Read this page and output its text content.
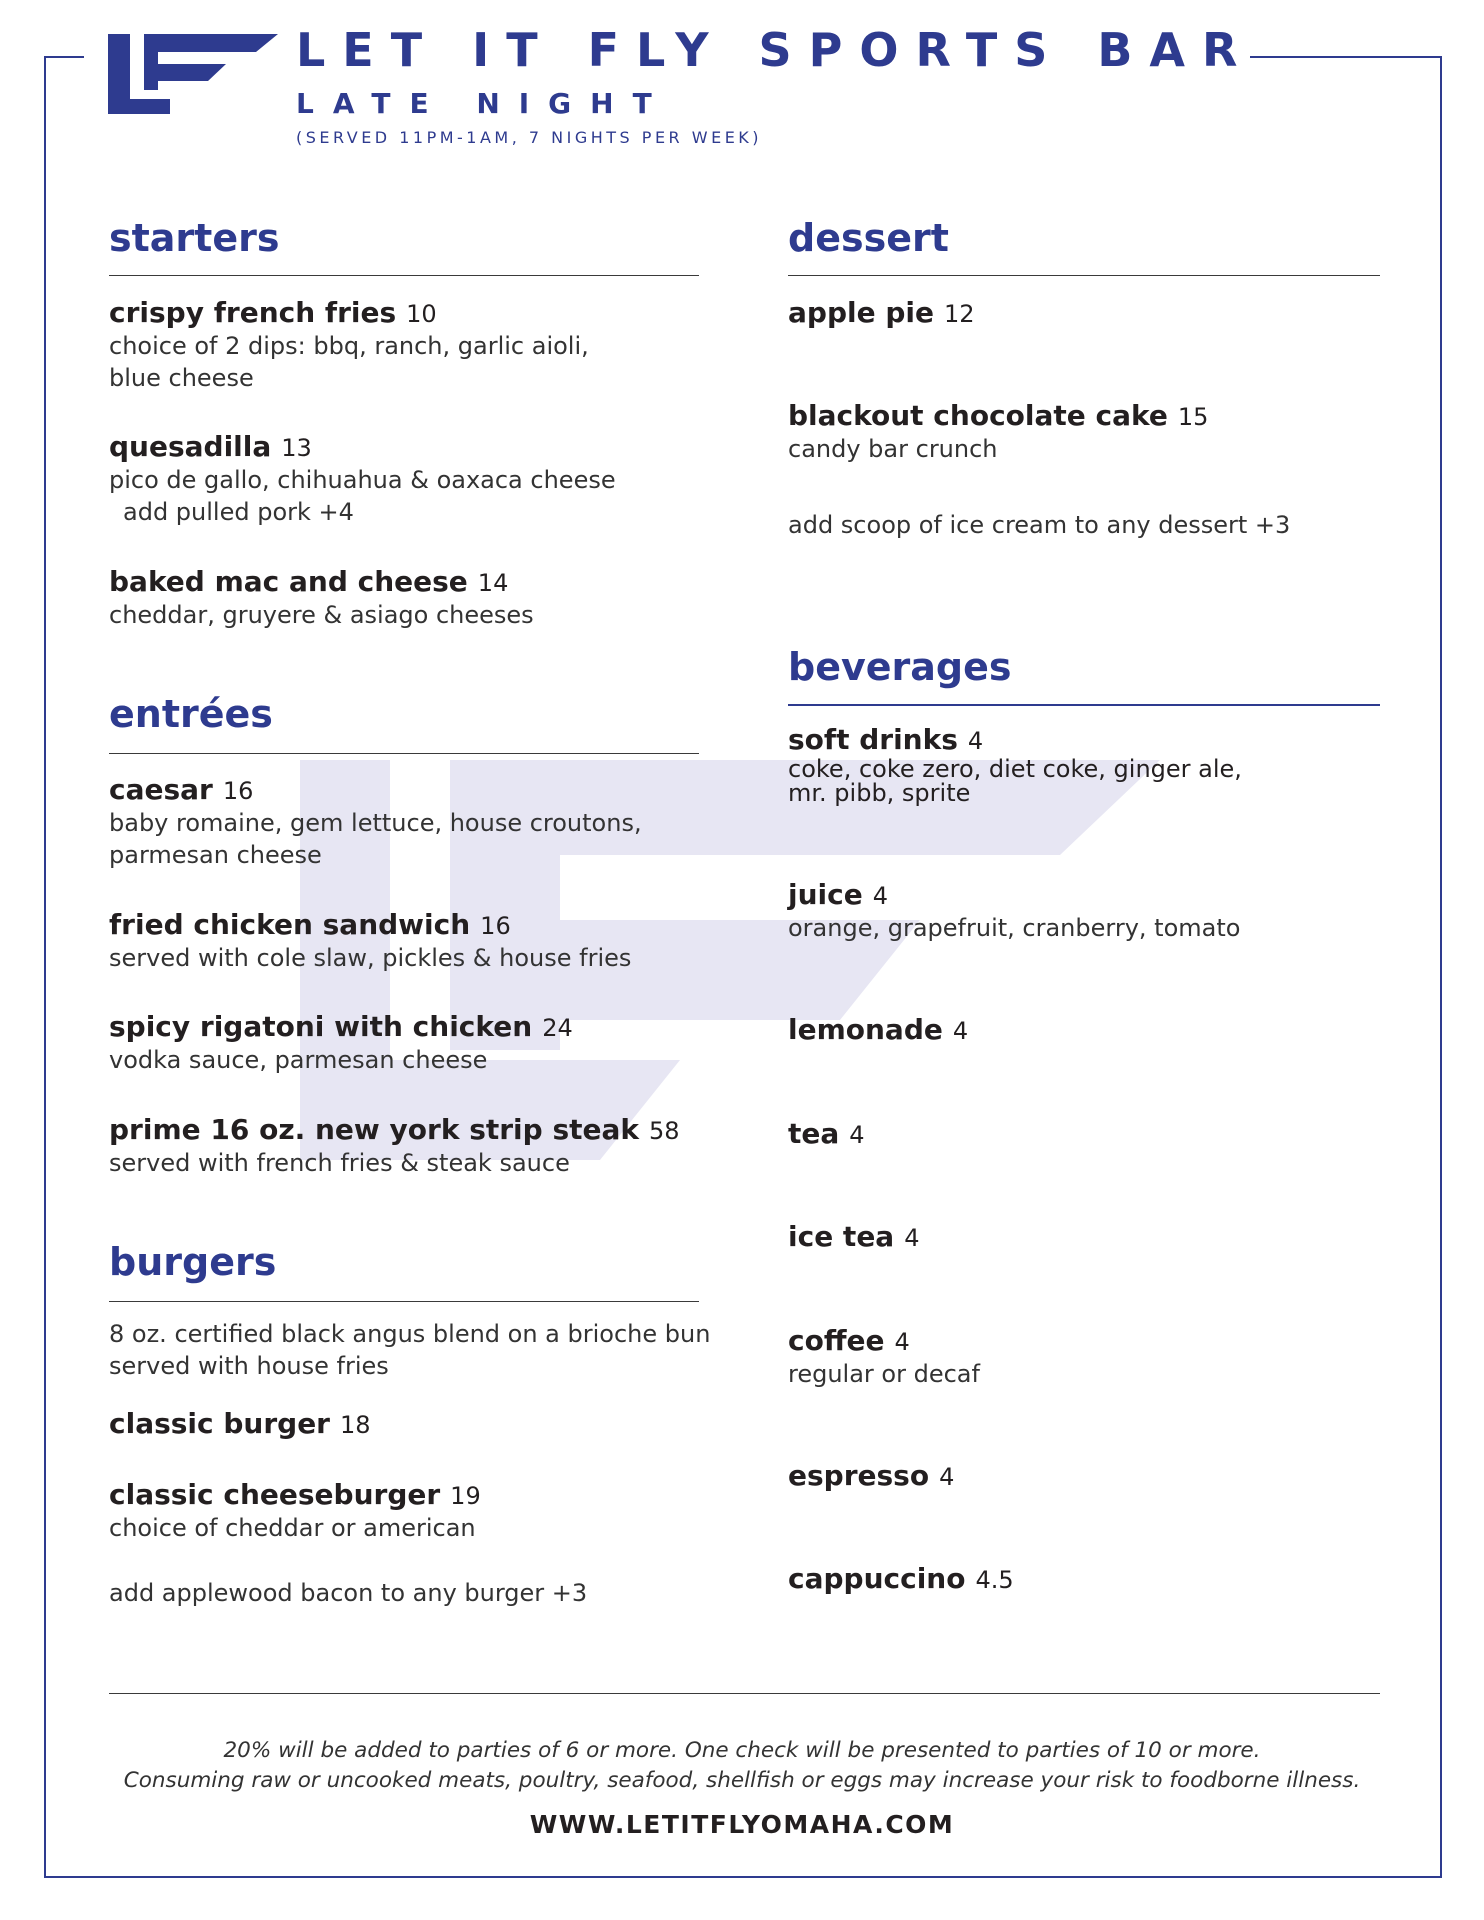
LET IT FLY SPORTS BAR
LATE NIGHT
(SERVED 11PM-1AM, 7 NIGHTS PER WEEK)
starters
crispy french fries 10
choice of 2 dips: bbq, ranch, garlic aioli,
blue cheese
quesadilla 13
pico de gallo, chihuahua & oaxaca cheese
add pulled pork +4
baked mac and cheese 14
cheddar, gruyere & asiago cheeses
entrées
caesar 16
baby romaine, gem lettuce, house croutons,
parmesan cheese
fried chicken sandwich 16
served with cole slaw, pickles & house fries
spicy rigatoni with chicken 24
vodka sauce, parmesan cheese
prime 16 oz. new york strip steak 58
served with french fries & steak sauce
burgers
8 oz. certified black angus blend on a brioche bun
served with house fries
classic burger 18
classic cheeseburger 19
choice of cheddar or american
add applewood bacon to any burger +3
dessert
apple pie 12
blackout chocolate cake 15
candy bar crunch
add scoop of ice cream to any dessert +3
beverages
soft drinks 4
coke, coke zero, diet coke, ginger ale,
mr. pibb, sprite
juice 4
orange, grapefruit, cranberry, tomato
lemonade 4
tea 4
ice tea 4
coffee 4
regular or decaf
espresso 4
cappuccino 4.5
20% will be added to parties of 6 or more. One check will be presented to parties of 10 or more.
Consuming raw or uncooked meats, poultry, seafood, shellfish or eggs may increase your risk to foodborne illness.
WWW.LETITFLYOMAHA.COM
